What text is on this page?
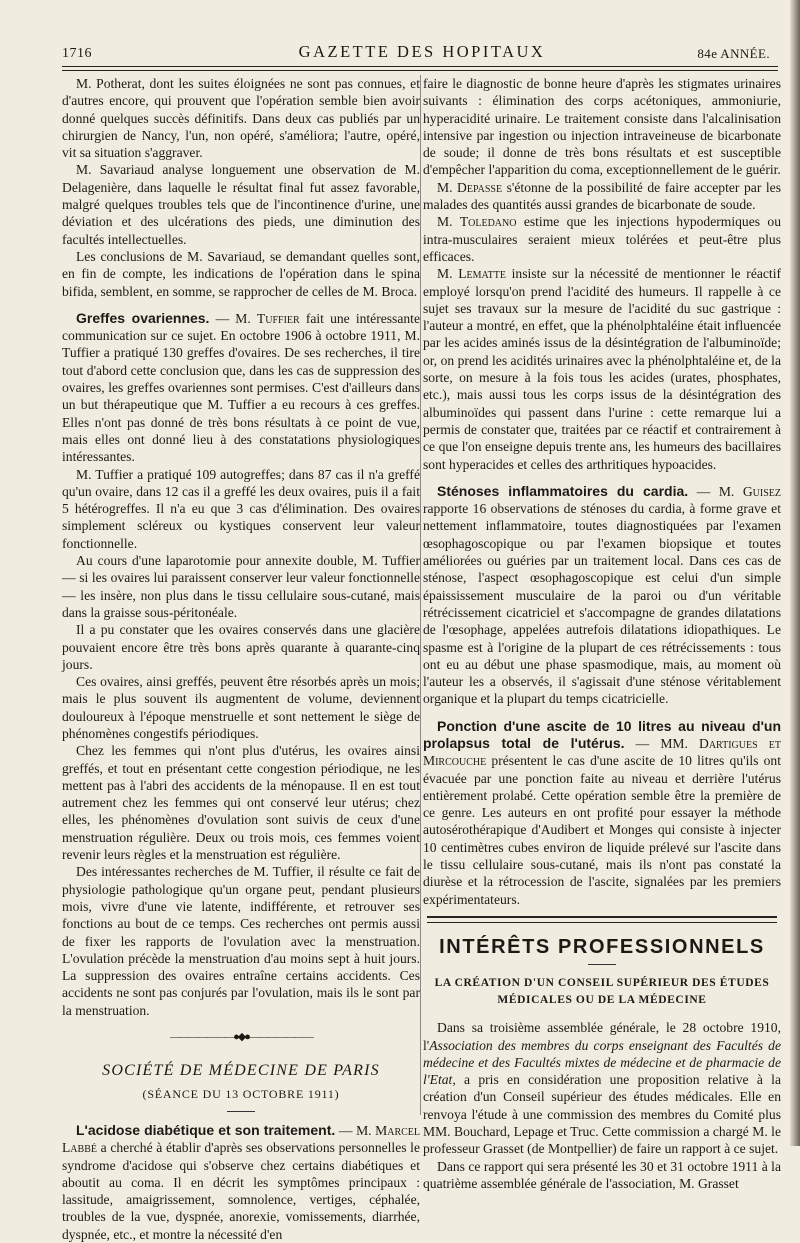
1716	GAZETTE DES HOPITAUX	84e ANNÉE.

M. Potherat, dont les suites éloignées ne sont pas connues, et d'autres encore, qui prouvent que l'opération semble bien avoir donné quelques succès définitifs. Dans deux cas publiés par un chirurgien de Nancy, l'un, non opéré, s'améliora; l'autre, opéré, vit sa situation s'aggraver.

M. Savariaud analyse longuement une observation de M. Delagenière, dans laquelle le résultat final fut assez favorable, malgré quelques troubles tels que de l'incontinence d'urine, une déviation et des ulcérations des pieds, une diminution des facultés intellectuelles.

Les conclusions de M. Savariaud, se demandant quelles sont, en fin de compte, les indications de l'opération dans le spina bifida, semblent, en somme, se rapprocher de celles de M. Broca.

Greffes ovariennes. — M. Tuffier fait une intéressante communication sur ce sujet. En octobre 1906 à octobre 1911, M. Tuffier a pratiqué 130 greffes d'ovaires. De ses recherches, il tire tout d'abord cette conclusion que, dans les cas de suppression des ovaires, les greffes ovariennes sont permises. C'est d'ailleurs dans un but thérapeutique que M. Tuffier a eu recours à ces greffes. Elles n'ont pas donné de très bons résultats à ce point de vue, mais elles ont donné lieu à des constatations physiologiques intéressantes.

M. Tuffier a pratiqué 109 autogreffes; dans 87 cas il n'a greffé qu'un ovaire, dans 12 cas il a greffé les deux ovaires, puis il a fait 5 hétérogreffes. Il n'a eu que 3 cas d'élimination. Des ovaires simplement scléreux ou kystiques conservent leur valeur fonctionnelle.

Au cours d'une laparotomie pour annexite double, M. Tuffier — si les ovaires lui paraissent conserver leur valeur fonctionnelle — les insère, non plus dans le tissu cellulaire sous-cutané, mais dans la graisse sous-péritonéale.

Il a pu constater que les ovaires conservés dans une glacière pouvaient encore être très bons après quarante à quarante-cinq jours.

Ces ovaires, ainsi greffés, peuvent être résorbés après un mois; mais le plus souvent ils augmentent de volume, deviennent douloureux à l'époque menstruelle et sont nettement le siège de phénomènes congestifs périodiques.

Chez les femmes qui n'ont plus d'utérus, les ovaires ainsi greffés, et tout en présentant cette congestion périodique, ne les mettent pas à l'abri des accidents de la ménopause. Il en est tout autrement chez les femmes qui ont conservé leur utérus; chez elles, les phénomènes d'ovulation sont suivis de ceux d'une menstruation régulière. Deux ou trois mois, ces femmes voient revenir leurs règles et la menstruation est régulière.

Des intéressantes recherches de M. Tuffier, il résulte ce fait de physiologie pathologique qu'un organe peut, pendant plusieurs mois, vivre d'une vie latente, indifférente, et retrouver ses fonctions au bout de ce temps. Ces recherches ont permis aussi de fixer les rapports de l'ovulation avec la menstruation. L'ovulation précède la menstruation d'au moins sept à huit jours. La suppression des ovaires entraîne certains accidents. Ces accidents ne sont pas conjurés par l'ovulation, mais ils le sont par la menstruation.

———————●◆●———————
SOCIÉTÉ DE MÉDECINE DE PARIS
(SÉANCE DU 13 OCTOBRE 1911)

L'acidose diabétique et son traitement. — M. Marcel Labbé a cherché à établir d'après ses observations personnelles le syndrome d'acidose qui s'observe chez certains diabétiques et aboutit au coma. Il en décrit les symptômes principaux : lassitude, amaigrissement, somnolence, vertiges, céphalée, troubles de la vue, dyspnée, anorexie, vomissements, diarrhée, dyspnée, etc., et montre la nécessité d'en

faire le diagnostic de bonne heure d'après les stigmates urinaires suivants : élimination des corps acétoniques, ammoniurie, hyperacidité urinaire. Le traitement consiste dans l'alcalinisation intensive par ingestion ou injection intraveineuse de bicarbonate de soude; il donne de très bons résultats et est susceptible d'empêcher l'apparition du coma, exceptionnellement de le guérir.

M. Depasse s'étonne de la possibilité de faire accepter par les malades des quantités aussi grandes de bicarbonate de soude.

M. Toledano estime que les injections hypodermiques ou intra-musculaires seraient mieux tolérées et peut-être plus efficaces.

M. Lematte insiste sur la nécessité de mentionner le réactif employé lorsqu'on prend l'acidité des humeurs. Il rappelle à ce sujet ses travaux sur la mesure de l'acidité du suc gastrique : l'auteur a montré, en effet, que la phénolphtaléine était influencée par les acides aminés issus de la désintégration de l'albuminoïde; or, on prend les acidités urinaires avec la phénolphtaléine et, de la sorte, on mesure à la fois tous les acides (urates, phosphates, etc.), mais aussi tous les corps issus de la désintégration des albuminoïdes qui passent dans l'urine : cette remarque lui a permis de constater que, traitées par ce réactif et contrairement à ce que l'on enseigne depuis trente ans, les humeurs des bacillaires sont hyperacides et celles des arthritiques hypoacides.

Sténoses inflammatoires du cardia. — M. Guisez rapporte 16 observations de sténoses du cardia, à forme grave et nettement inflammatoire, toutes diagnostiquées par l'examen œsophagoscopique ou par l'examen biopsique et toutes améliorées ou guéries par un traitement local. Dans ces cas de sténose, l'aspect œsophagoscopique est celui d'un simple épaississement musculaire de la paroi ou d'un véritable rétrécissement cicatriciel et s'accompagne de grandes dilatations de l'œsophage, appelées autrefois dilatations idiopathiques. Le spasme est à l'origine de la plupart de ces rétrécissements : tous ont eu au début une phase spasmodique, mais, au moment où l'auteur les a observés, il s'agissait d'une sténose véritablement organique et la plupart du temps cicatricielle.

Ponction d'une ascite de 10 litres au niveau d'un prolapsus total de l'utérus. — MM. Dartigues et Mircouche présentent le cas d'une ascite de 10 litres qu'ils ont évacuée par une ponction faite au niveau et derrière l'utérus entièrement prolabé. Cette opération semble être la première de ce genre. Les auteurs en ont profité pour essayer la méthode autosérothérapique d'Audibert et Monges qui consiste à injecter 10 centimètres cubes environ de liquide prélevé sur l'ascite dans le tissu cellulaire sous-cutané, mais ils n'ont pas constaté la diurèse et la rétrocession de l'ascite, signalées par les premiers expérimentateurs.

INTÉRÊTS PROFESSIONNELS
LA CRÉATION D'UN CONSEIL SUPÉRIEUR DES ÉTUDES MÉDICALES OU DE LA MÉDECINE

Dans sa troisième assemblée générale, le 28 octobre 1910, l'Association des membres du corps enseignant des Facultés de médecine et des Facultés mixtes de médecine et de pharmacie de l'Etat, a pris en considération une proposition relative à la création d'un Conseil supérieur des études médicales. Elle en renvoya l'étude à une commission des membres du Comité plus MM. Bouchard, Lepage et Truc. Cette commission a chargé M. le professeur Grasset (de Montpellier) de faire un rapport à ce sujet.

Dans ce rapport qui sera présenté les 30 et 31 octobre 1911 à la quatrième assemblée générale de l'association, M. Grasset
